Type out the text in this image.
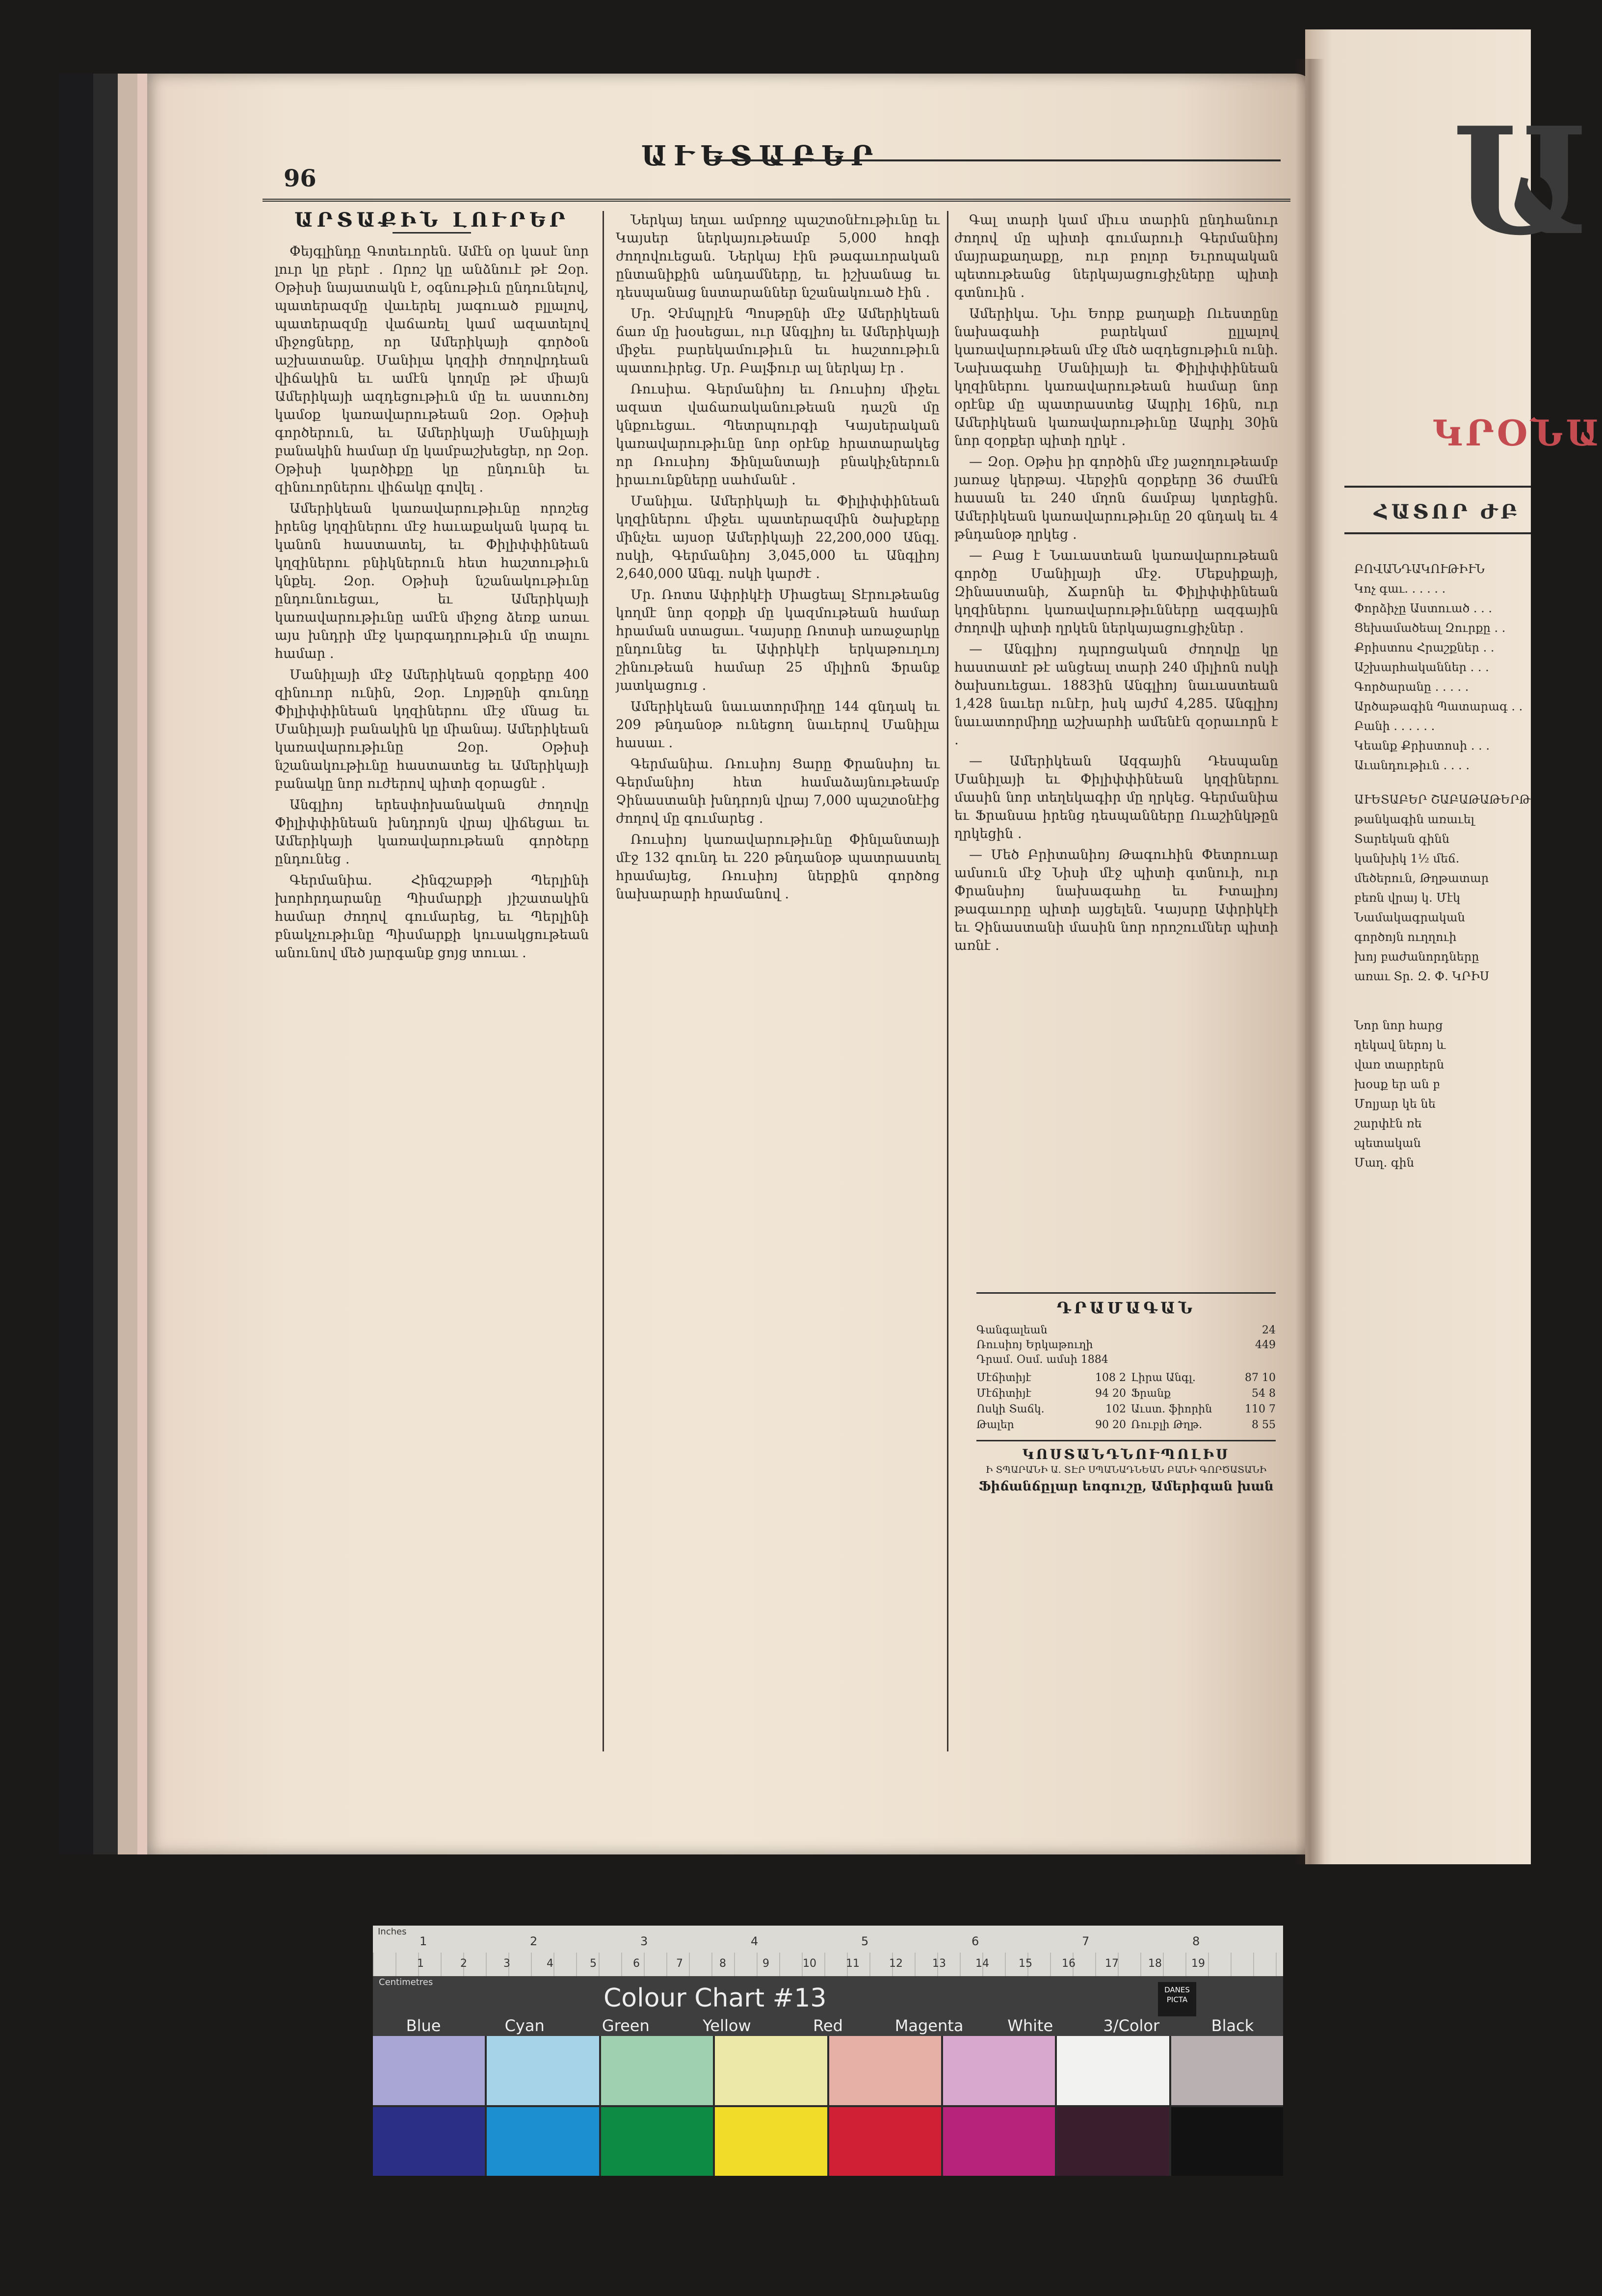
96
ԱՒԵՏԱԲԵՐ

ԱՐՏԱՔԻՆ ԼՈՒՐԵՐ

Փեյգլինդը Գոտեւորեն․ Ամէն օր կասէ նոր լուր կը բերէ ․ Որոշ կը անձնուէ թէ Զօր. Օթիսի նայատակն է, օգնութիւն ընդունելով, պատերազմը վաւերել յագուած բլլալով, պատերազմը վաճառել կամ ազատելով միջոցները, որ Ամերիկայի գործօն աշխատանք. Մանիլա կղզիի ժողովրդեան վիճակին եւ ամէն կողմը թէ միայն Ամերիկայի ազդեցութիւն մը եւ աստուծոյ կամօք կառավարութեան Զօր. Օթիսի գործերուն, եւ Ամերիկայի Մանիլայի բանակին համար մը կամբաշխեցեր, որ Զօր. Օթիսի կարծիքը կը ընդունի եւ զինուորներու վիճակը գովել ․

Ամերիկեան կառավարութիւնը որոշեց իրենց կղզիներու մէջ հաւաքական կարգ եւ կանոն հաստատել, եւ Փիլիփփինեան կղզիներու բնիկներուն հետ հաշտութիւն կնքել. Զօր. Օթիսի նշանակութիւնը ընդունուեցաւ, եւ Ամերիկայի կառավարութիւնը ամէն միջոց ձեռք առաւ այս խնդրի մէջ կարգադրութիւն մը տալու համար ․

Մանիլայի մէջ Ամերիկեան զօրքերը 400 զինուոր ունին, Զօր. Լոյթընի գունդը Փիլիփփինեան կղզիներու մէջ մնաց եւ Մանիլայի բանակին կը միանայ. Ամերիկեան կառավարութիւնը Զօր. Օթիսի նշանակութիւնը հաստատեց եւ Ամերիկայի բանակը նոր ուժերով պիտի զօրացնէ ․

Անգլիոյ երեսփոխանական ժողովը Փիլիփփինեան խնդրոյն վրայ վիճեցաւ եւ Ամերիկայի կառավարութեան գործերը ընդունեց ․

Գերմանիա․ Հինգշաբթի Պերլինի խորհրդարանը Պիսմարքի յիշատակին համար ժողով գումարեց, եւ Պերլինի բնակչութիւնը Պիսմարքի կուսակցութեան անունով մեծ յարգանք ցոյց տուաւ ․

Ներկայ եղաւ ամբողջ պաշտօնէութիւնը եւ Կայսեր ներկայութեամբ 5,000 հոգի ժողովուեցան. Ներկայ էին թագաւորական ընտանիքին անդամները, եւ իշխանաց եւ դեսպանաց նստարաններ նշանակուած էին ․

Մր. Չէմպրլէն Պոսթընի մէջ Ամերիկեան ճառ մը խօսեցաւ, ուր Անգլիոյ եւ Ամերիկայի միջեւ բարեկամութիւն եւ հաշտութիւն պատուիրեց. Մր. Բալֆուր ալ ներկայ էր ․

Ռուսիա․ Գերմանիոյ եւ Ռուսիոյ միջեւ ազատ վաճառականութեան դաշն մը կնքուեցաւ. Պետրպուրգի Կայսերական կառավարութիւնը նոր օրէնք հրատարակեց որ Ռուսիոյ Ֆինլանտայի բնակիչներուն իրաւունքները սահմանէ ․

Մանիլա․ Ամերիկայի եւ Փիլիփփինեան կղզիներու միջեւ պատերազմին ծախքերը մինչեւ այսօր Ամերիկայի 22,200,000 Անգլ. ոսկի, Գերմանիոյ 3,045,000 եւ Անգլիոյ 2,640,000 Անգլ. ոսկի կարժէ ․

Մր. Ռոտս Ափրիկէի Միացեալ Տէրութեանց կողմէ նոր զօրքի մը կազմութեան համար հրաման ստացաւ. Կայսրը Ռոտսի առաջարկը ընդունեց եւ Ափրիկէի երկաթուղւոյ շինութեան համար 25 միլիոն Ֆրանք յատկացուց ․

Ամերիկեան նաւատորմիղը 144 գնդակ եւ 209 թնդանօթ ունեցող նաւերով Մանիլա հասաւ ․

Գերմանիա․ Ռուսիոյ Ցարը Փրանսիոյ եւ Գերմանիոյ հետ համաձայնութեամբ Չինաստանի խնդրոյն վրայ 7,000 պաշտօնէից ժողով մը գումարեց ․

Ռուսիոյ կառավարութիւնը Փինլանտայի մէջ 132 գունդ եւ 220 թնդանօթ պատրաստել հրամայեց, Ռուսիոյ ներքին գործոց նախարարի հրամանով ․

Գալ տարի կամ միւս տարին ընդհանուր ժողով մը պիտի գումարուի Գերմանիոյ մայրաքաղաքը, ուր բոլոր Եւրոպական պետութեանց ներկայացուցիչները պիտի գտնուին ․

Ամերիկա․ Նիւ Եորք քաղաքի Ուեստընը նախագահի բարեկամ ըլլալով կառավարութեան մէջ մեծ ազդեցութիւն ունի. Նախագահը Մանիլայի եւ Փիլիփփինեան կղզիներու կառավարութեան համար նոր օրէնք մը պատրաստեց Ապրիլ 16ին, ուր Ամերիկեան կառավարութիւնը Ապրիլ 30ին նոր զօրքեր պիտի ղրկէ ․

— Զօր. Օթիս իր գործին մէջ յաջողութեամբ յառաջ կերթայ. Վերջին զօրքերը 36 ժամէն հասան եւ 240 մղոն ճամբայ կտրեցին. Ամերիկեան կառավարութիւնը 20 գնդակ եւ 4 թնդանօթ ղրկեց ․

— Բաց է Նաւաստեան կառավարութեան գործը Մանիլայի մէջ. Մեքսիքայի, Զինաստանի, Ճաբոնի եւ Փիլիփփինեան կղզիներու կառավարութիւնները ազգային ժողովի պիտի ղրկեն ներկայացուցիչներ ․

— Անգլիոյ դպրոցական ժողովը կը հաստատէ թէ անցեալ տարի 240 միլիոն ոսկի ծախսուեցաւ. 1883ին Անգլիոյ նաւաստեան 1,428 նաւեր ունէր, իսկ այժմ 4,285. Անգլիոյ նաւատորմիղը աշխարհի ամենէն զօրաւորն է ․

— Ամերիկեան Ազգային Դեսպանը Մանիլայի եւ Փիլիփփինեան կղզիներու մասին նոր տեղեկագիր մը ղրկեց. Գերմանիա եւ Ֆրանսա իրենց դեսպանները Ուաշինկթըն ղրկեցին ․

— Մեծ Բրիտանիոյ Թագուհին Փետրուար ամսուն մէջ Նիսի մէջ պիտի գտնուի, ուր Փրանսիոյ նախագահը եւ Իտալիոյ թագաւորը պիտի այցելեն. Կայսրը Ափրիկէի եւ Չինաստանի մասին նոր որոշումներ պիտի առնէ ․

ԴՐԱՄԱԳԱՆ
Գանգալեան	24
Ռուսիոյ Երկաթուղի	449
Դրամ. Օսմ. ամսի 1884
Մէճիտիյէ	108 2 Լիրա Անգլ.	87 10
Մէճիտիյէ	94 20 Ֆրանք	54 8
Ոսկի Տաճկ.	102 Աւստ. ֆիորին	110 7
Թալեր	90 20 Ռուբլի Թղթ.	8 55
ԿՈՍՏԱՆԴՆՈՒՊՈԼԻՍ
Ի ՏՊԱՐԱՆԻ Ա. ՏԷՐ ՍՊԱՆԱԴՆԵԱՆ ԲԱՆԻ ԳՈՐԾԱՏԱՆԻ
Ֆիճանճըլար եոգուշը, Ամերիգան խան
Ա
ԿՐՕՆԱ
ՀԱՏՈՐ ԺԲ
ԲՈՎԱՆԴԱԿՈՒԹԻՒՆ
Կոչ գաւ. . . . . .
Փորձիչը Աստուած . . .
Ցեխամածեալ Զուրքը . .
Քրիստոս Հրաշքներ . .
Աշխարհականներ . . .
Գործարանը . . . . .
Արծաթագին Պատարագ . .
Բանի . . . . . .
Կեանք Քրիստոսի . . .
Աւանդութիւն . . . .
ԱՒԵՏԱԲԵՐ ՇԱԲԱԹԱԹԵՐԹ
թանկագին առաւել
Տարեկան գինն
կանխիկ 1½ մեճ.
մեծերուն, Թղթատար
բեռն վրայ կ. Մէկ
Նամակագրական
գործոյն ուղղուի
խոյ բաժանորդները
առաւ Տր. Զ. Փ. ԿՐԻՍ
Նոր նոր հարց
ղեկավ ներոյ և
վառ տարրերն
խօսք եր ան բ
Մոլյար կե նե
շարփէն ռե
պետական
Մաղ. գին
Inches
1	2	3	4	5	6	7	8
1	2	3	4	5	6	7	8	9	10	11	12	13	14	15	16	17	18	19
Centimetres
Colour Chart #13	DANES PICTA
Blue	Cyan	Green	Yellow	Red	Magenta	White	3/Color	Black
